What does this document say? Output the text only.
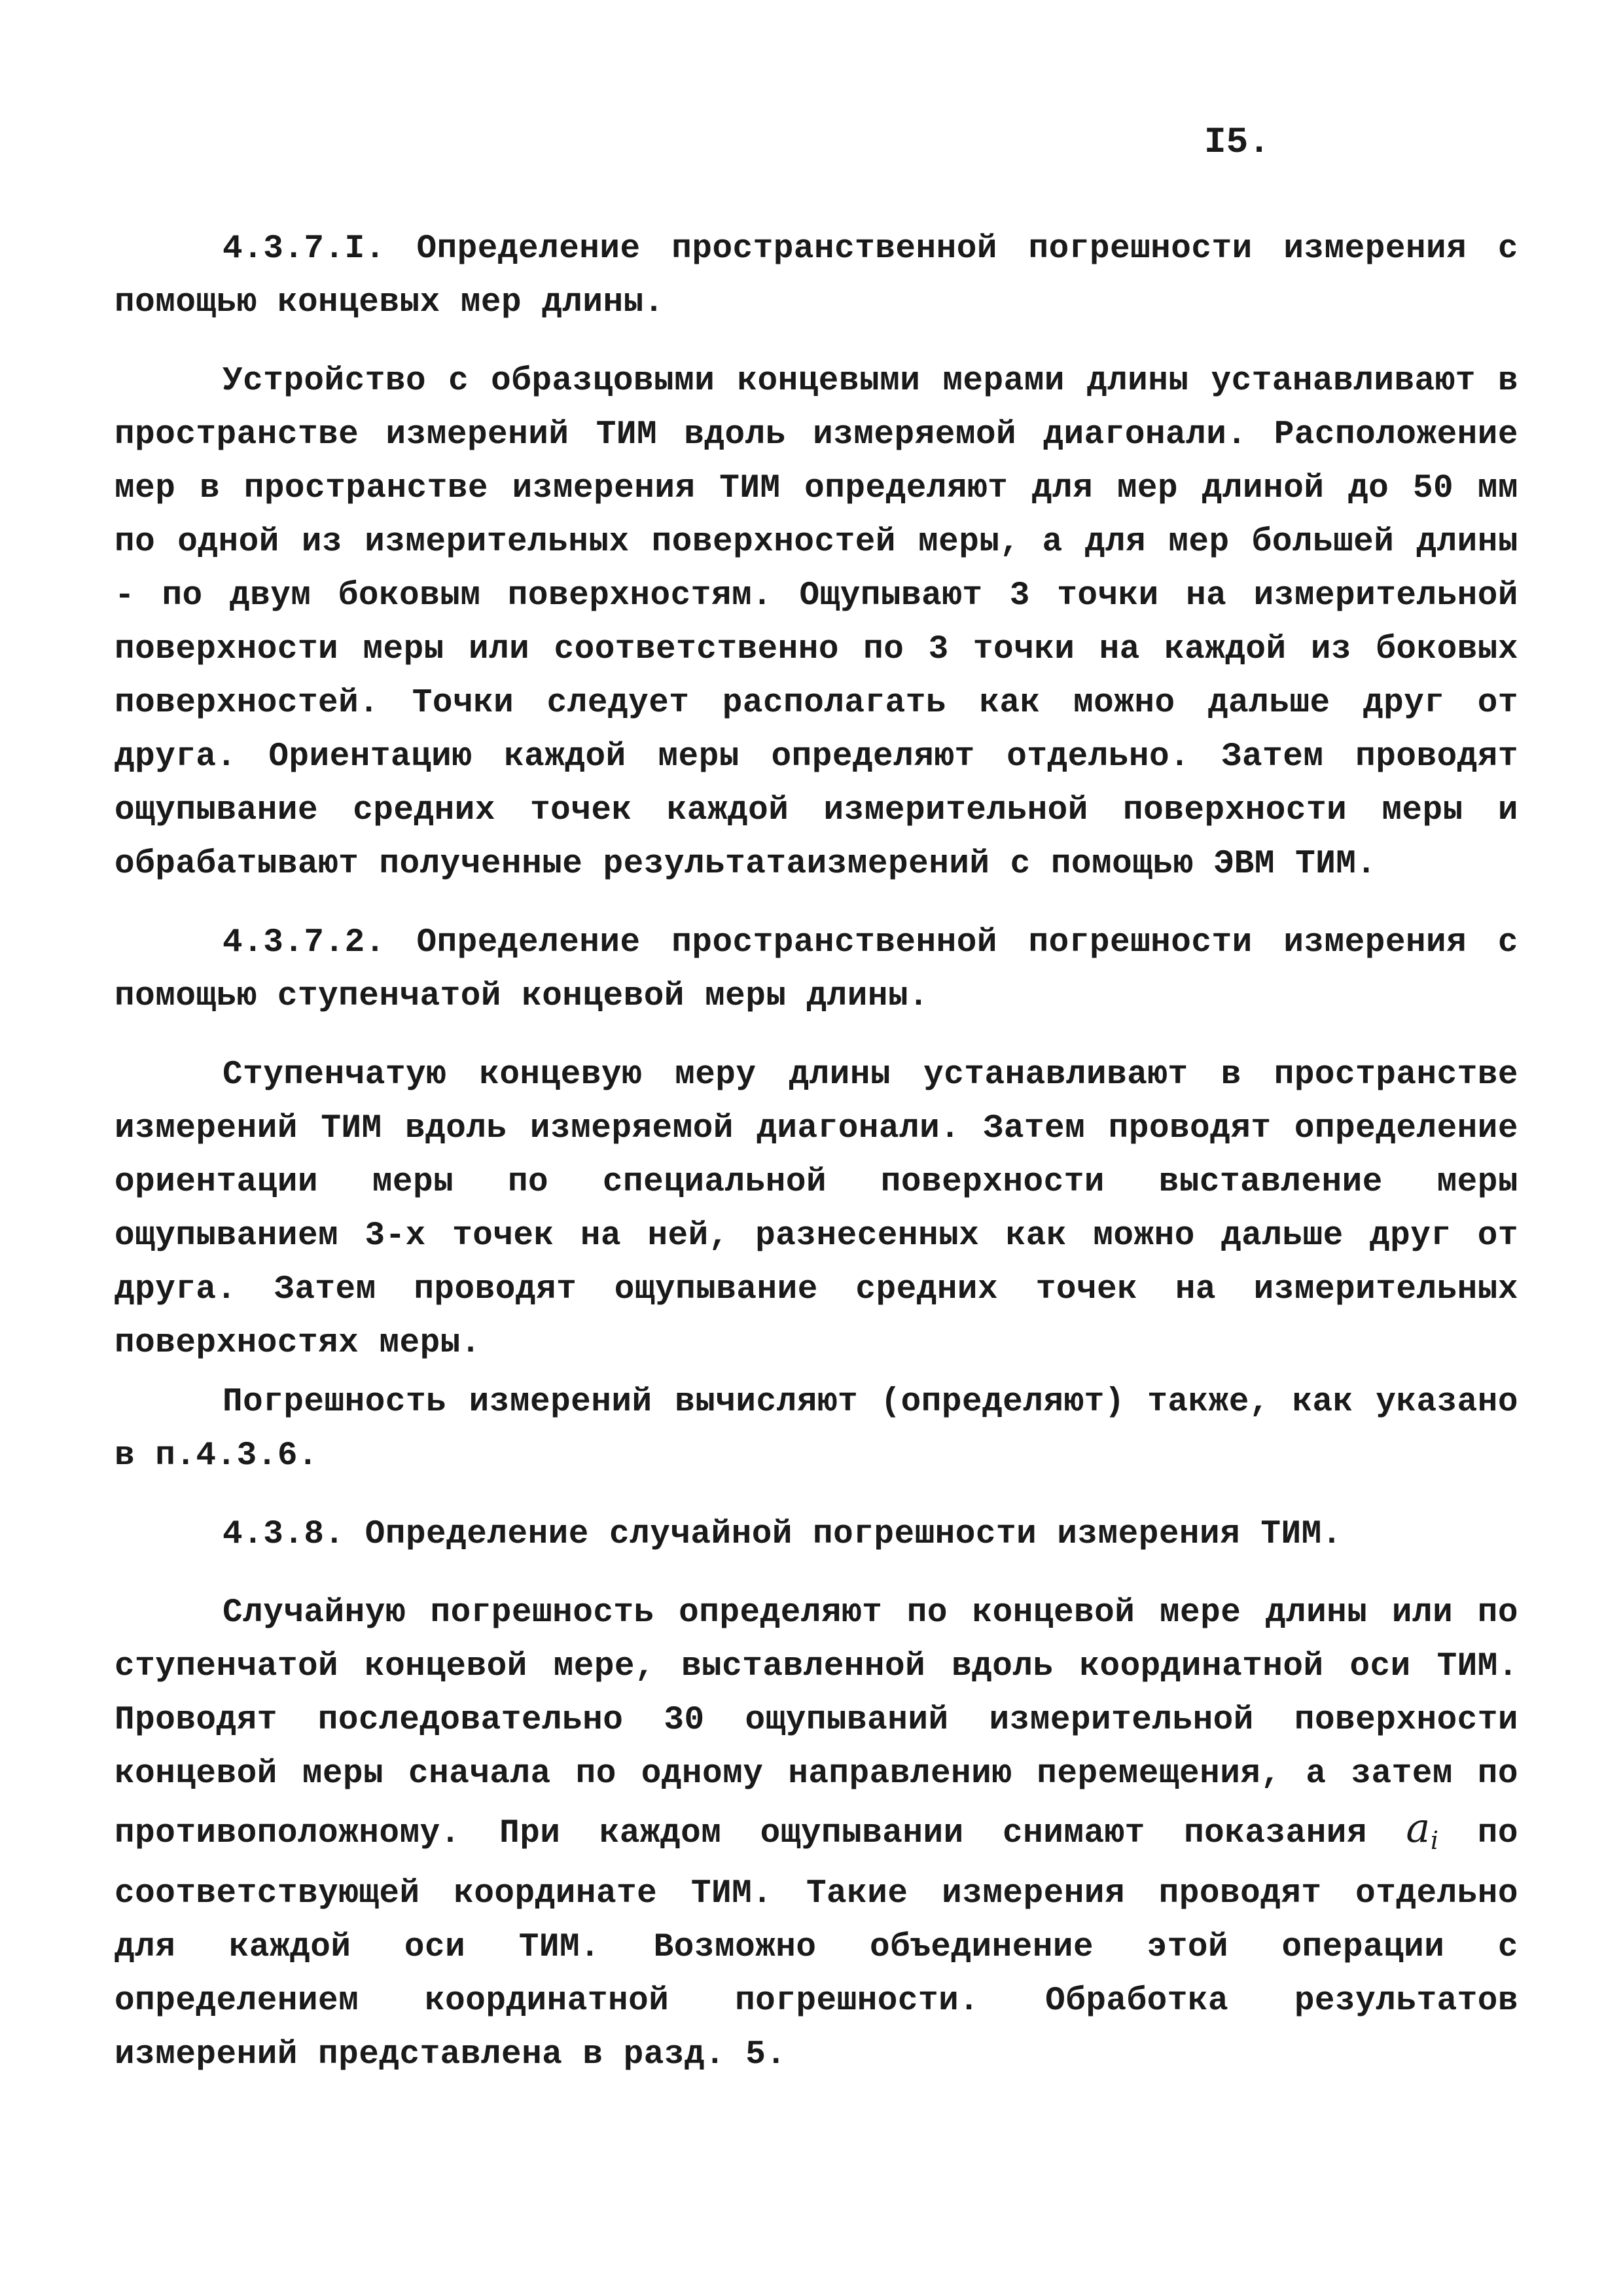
I5.

4.3.7.I. Определение пространственной погрешности измерения с помощью концевых мер длины.

Устройство с образцовыми концевыми мерами длины устанавливают в пространстве измерений ТИМ вдоль измеряемой диагонали. Расположение мер в пространстве измерения ТИМ определяют для мер длиной до 50 мм по одной из измерительных поверхностей меры, а для мер большей длины - по двум боковым поверхностям. Ощупывают 3 точки на измерительной поверхности меры или соответственно по 3 точки на каждой из боковых поверхностей. Точки следует располагать как можно дальше друг от друга. Ориентацию каждой меры определяют отдельно. Затем проводят ощупывание средних точек каждой измерительной поверхности меры и обрабатывают полученные результатаизмерений с помощью ЭВМ ТИМ.

4.3.7.2. Определение пространственной погрешности измерения с помощью ступенчатой концевой меры длины.

Ступенчатую концевую меру длины устанавливают в пространстве измерений ТИМ вдоль измеряемой диагонали. Затем проводят определение ориентации меры по специальной поверхности выставление меры ощупыванием 3-х точек на ней, разнесенных как можно дальше друг от друга. Затем проводят ощупывание средних точек на измерительных поверхностях меры.

Погрешность измерений вычисляют (определяют) также, как указано в п.4.3.6.

4.3.8. Определение случайной погрешности измерения ТИМ.

Случайную погрешность определяют по концевой мере длины или по ступенчатой концевой мере, выставленной вдоль координатной оси ТИМ. Проводят последовательно 30 ощупываний измерительной поверхности концевой меры сначала по одному направлению перемещения, а затем по противоположному. При каждом ощупывании снимают показания $a_i$ по соответствующей координате ТИМ. Такие измерения проводят отдельно для каждой оси ТИМ. Возможно объединение этой операции с определением координатной погрешности. Обработка результатов измерений представлена в разд. 5.
